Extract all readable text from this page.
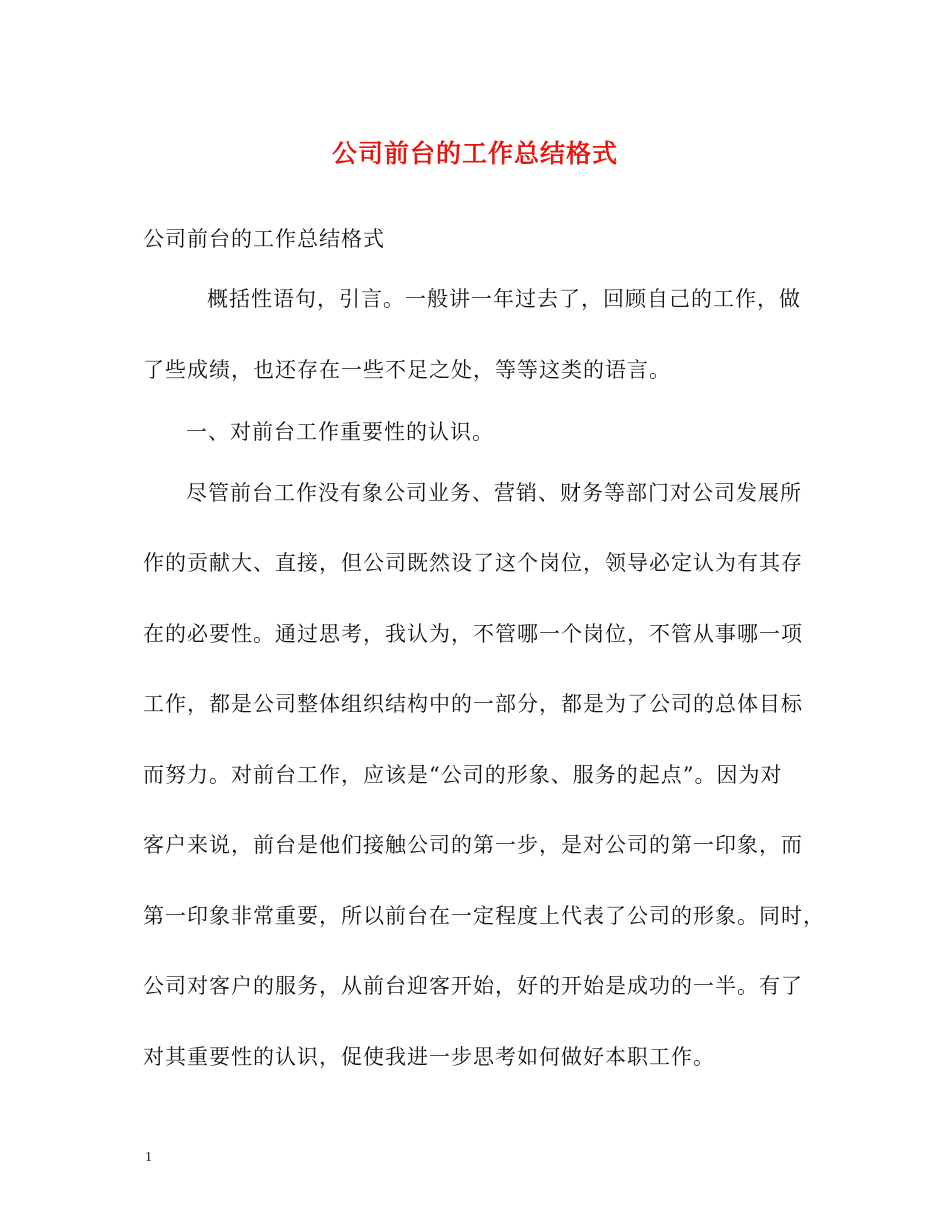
公司前台的工作总结格式
公司前台的工作总结格式
概括性语句，引言。一般讲一年过去了，回顾自己的工作，做
了些成绩，也还存在一些不足之处，等等这类的语言。
一、对前台工作重要性的认识。
尽管前台工作没有象公司业务、营销、财务等部门对公司发展所
作的贡献大、直接，但公司既然设了这个岗位，领导必定认为有其存
在的必要性。通过思考，我认为，不管哪一个岗位，不管从事哪一项
工作，都是公司整体组织结构中的一部分，都是为了公司的总体目标
而努力。对前台工作，应该是“公司的形象、服务的起点”。因为对
客户来说，前台是他们接触公司的第一步，是对公司的第一印象，而
第一印象非常重要，所以前台在一定程度上代表了公司的形象。同时，
公司对客户的服务，从前台迎客开始，好的开始是成功的一半。有了
对其重要性的认识，促使我进一步思考如何做好本职工作。
1
